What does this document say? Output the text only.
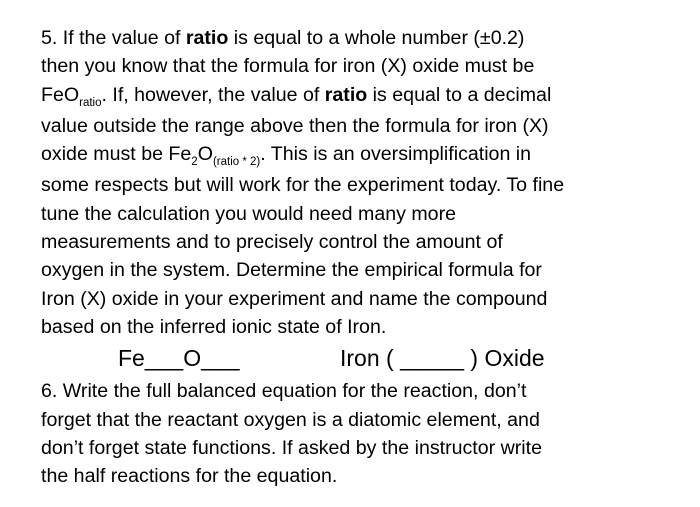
5. If the value of ratio is equal to a whole number (±0.2)
then you know that the formula for iron (X) oxide must be
FeO$_{ratio}$. If, however, the value of ratio is equal to a decimal
value outside the range above then the formula for iron (X)
oxide must be $Fe_2O_{(ratio * 2)}$. This is an oversimplification in
some respects but will work for the experiment today. To fine
tune the calculation you would need many more
measurements and to precisely control the amount of
oxygen in the system. Determine the empirical formula for
Iron (X) oxide in your experiment and name the compound
based on the inferred ionic state of Iron.
Fe___O___	Iron ( _____ ) Oxide
6. Write the full balanced equation for the reaction, don’t
forget that the reactant oxygen is a diatomic element, and
don’t forget state functions. If asked by the instructor write
the half reactions for the equation.
